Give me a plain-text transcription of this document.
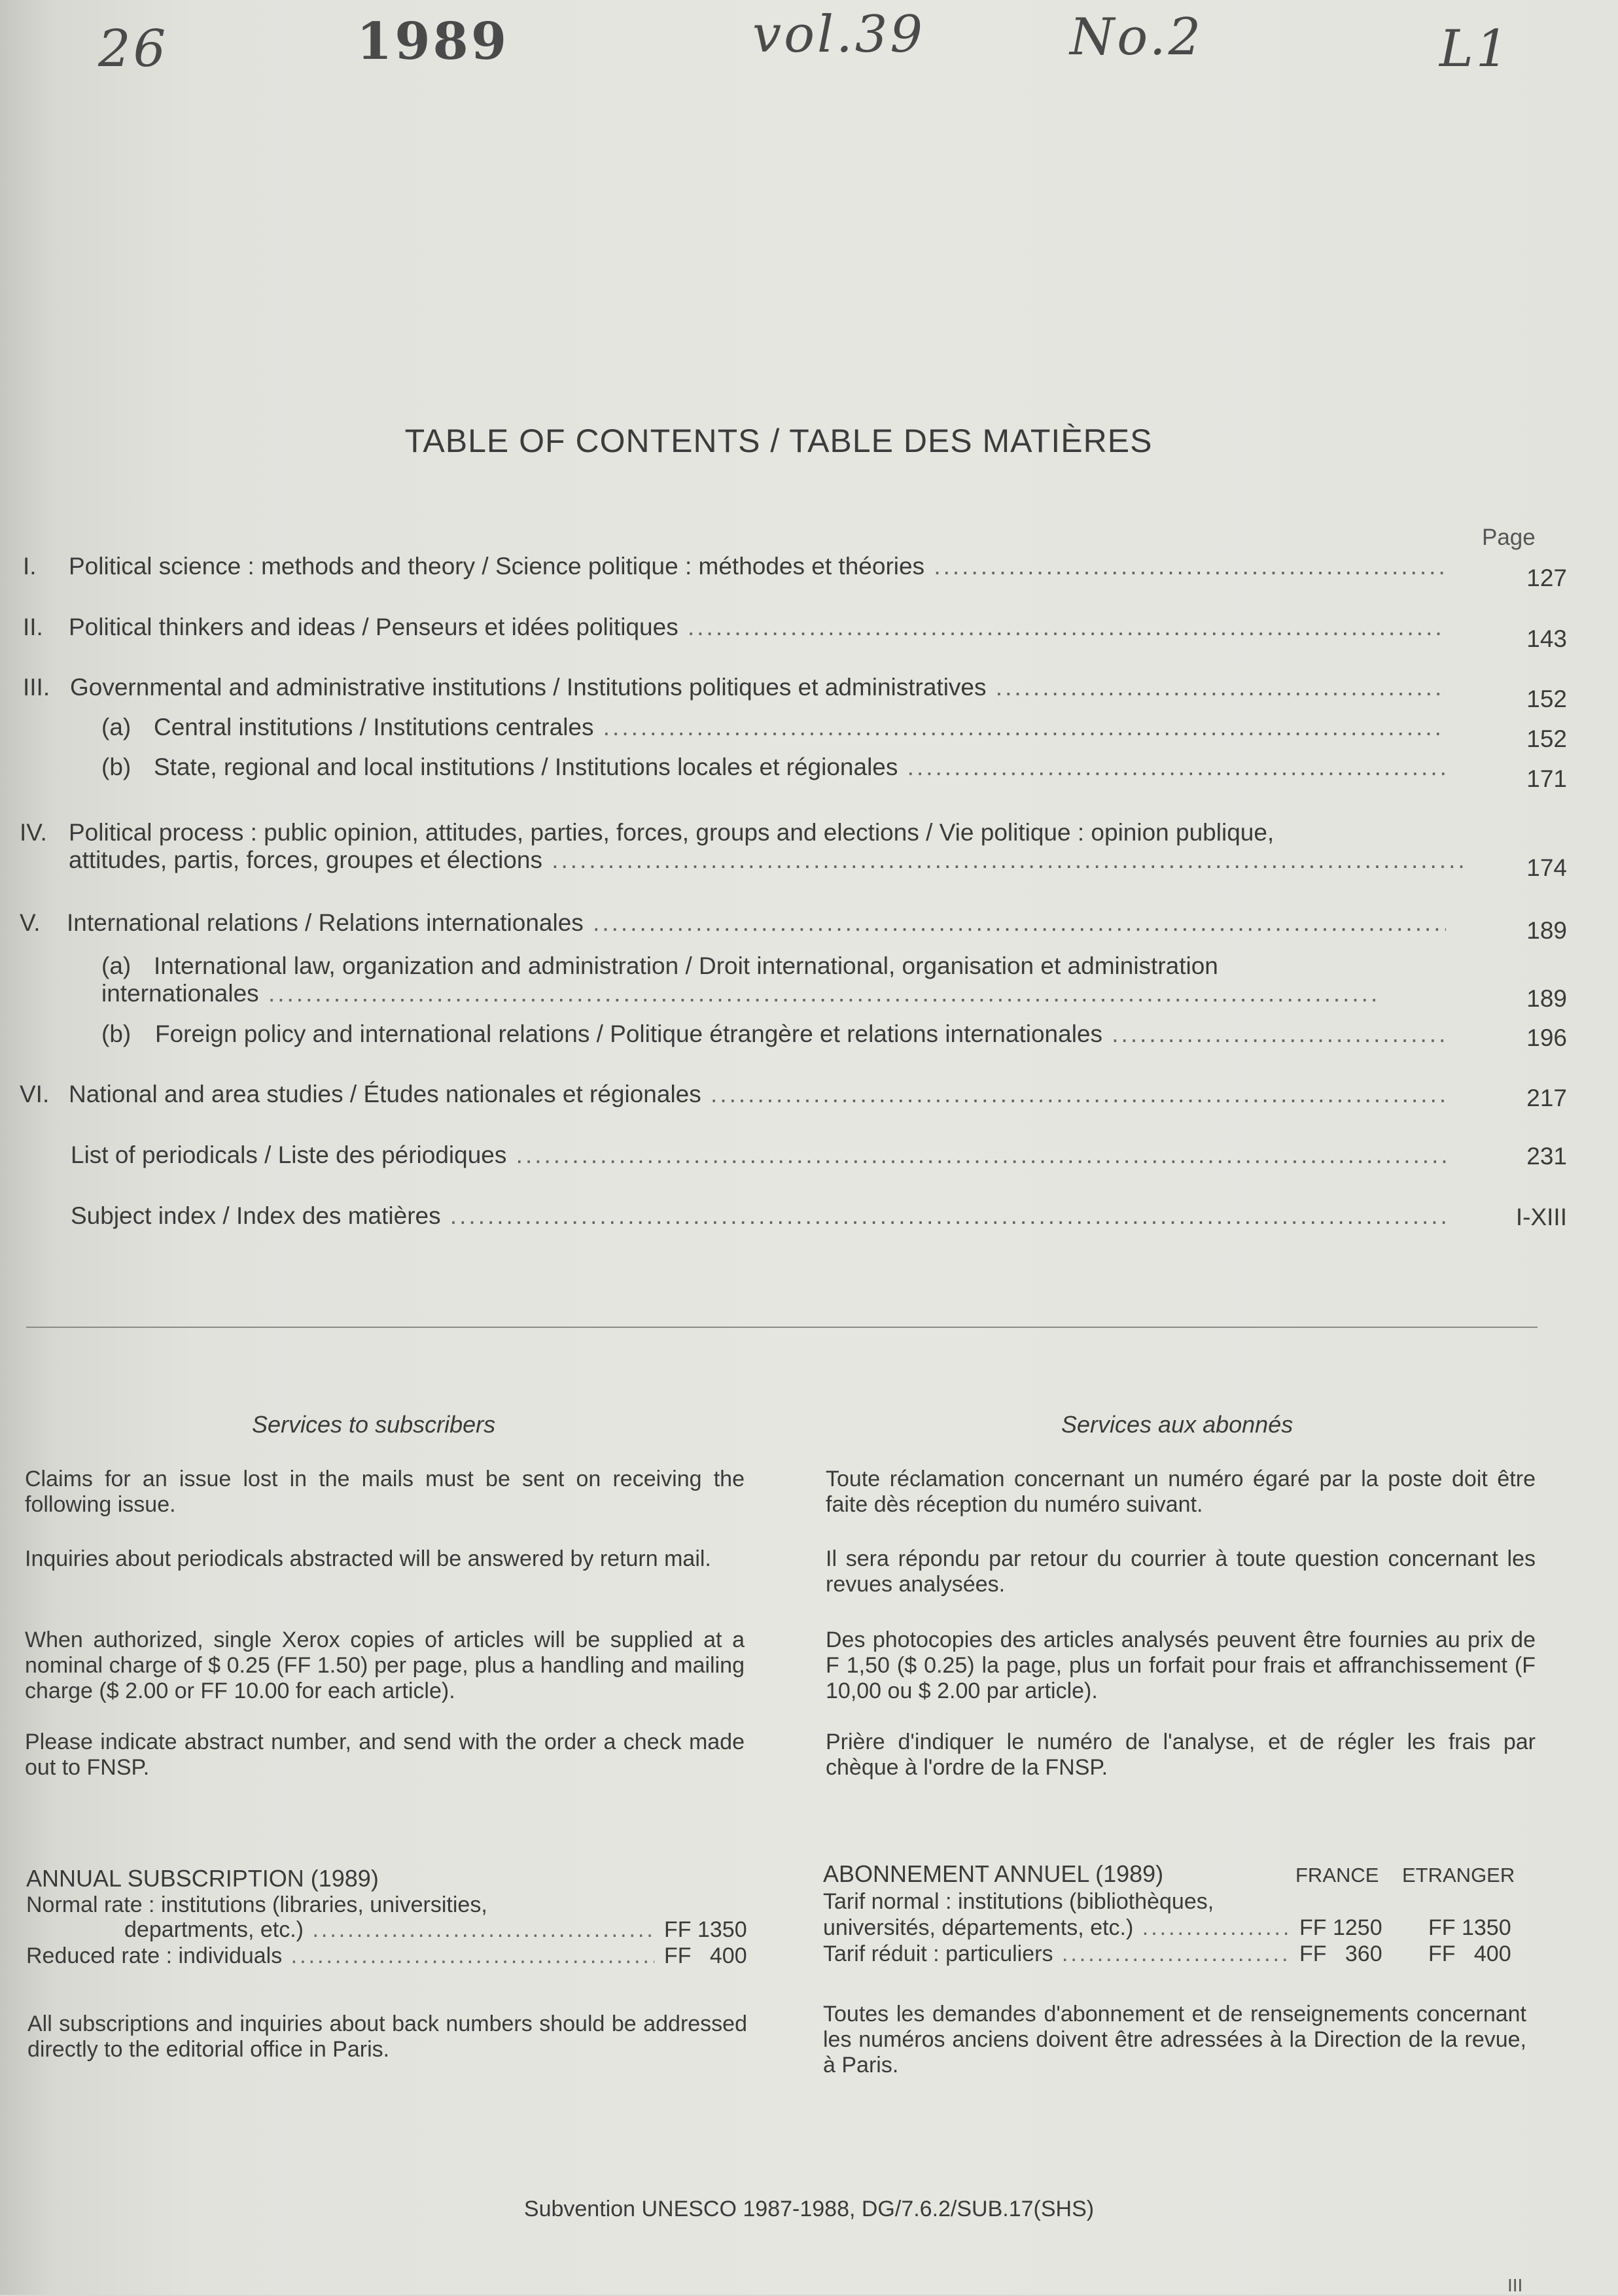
26	1989	vol.39	No.2	L1
TABLE OF CONTENTS / TABLE DES MATIÈRES
Page
I. Political science : methods and theory / Science politique : méthodes et théories .....	127
II. Political thinkers and ideas / Penseurs et idées politiques .....	143
III. Governmental and administrative institutions / Institutions politiques et administratives .....	152
(a) Central institutions / Institutions centrales .....	152
(b) State, regional and local institutions / Institutions locales et régionales .....	171
IV. Political process : public opinion, attitudes, parties, forces, groups and elections / Vie politique : opinion publique,
attitudes, partis, forces, groupes et élections .....	174
V. International relations / Relations internationales .....	189
(a) International law, organization and administration / Droit international, organisation et administration
internationales .....	189
(b) Foreign policy and international relations / Politique étrangère et relations internationales .....	196
VI. National and area studies / Études nationales et régionales .....	217
List of periodicals / Liste des périodiques .....	231
Subject index / Index des matières .....	I-XIII
Services to subscribers	Services aux abonnés
Claims for an issue lost in the mails must be sent on receiving the following issue.
Inquiries about periodicals abstracted will be answered by return mail.
When authorized, single Xerox copies of articles will be supplied at a nominal charge of $ 0.25 (FF 1.50) per page, plus a handling and mailing charge ($ 2.00 or FF 10.00 for each article).
Please indicate abstract number, and send with the order a check made out to FNSP.
Toute réclamation concernant un numéro égaré par la poste doit être faite dès réception du numéro suivant.
Il sera répondu par retour du courrier à toute question concernant les revues analysées.
Des photocopies des articles analysés peuvent être fournies au prix de F 1,50 ($ 0.25) la page, plus un forfait pour frais et affranchissement (F 10,00 ou $ 2.00 par article).
Prière d'indiquer le numéro de l'analyse, et de régler les frais par chèque à l'ordre de la FNSP.
ANNUAL SUBSCRIPTION (1989)
Normal rate : institutions (libraries, universities,
departments, etc.) .....	FF 1350
Reduced rate : individuals .....	FF   400
All subscriptions and inquiries about back numbers should be addressed directly to the editorial office in Paris.
ABONNEMENT ANNUEL (1989)	FRANCE ETRANGER
Tarif normal : institutions (bibliothèques,
universités, départements, etc.) .....	FF 1250 FF 1350
Tarif réduit : particuliers .....	FF   360 FF   400
Toutes les demandes d'abonnement et de renseignements concernant les numéros anciens doivent être adressées à la Direction de la revue, à Paris.
Subvention UNESCO 1987-1988, DG/7.6.2/SUB.17(SHS)
III
